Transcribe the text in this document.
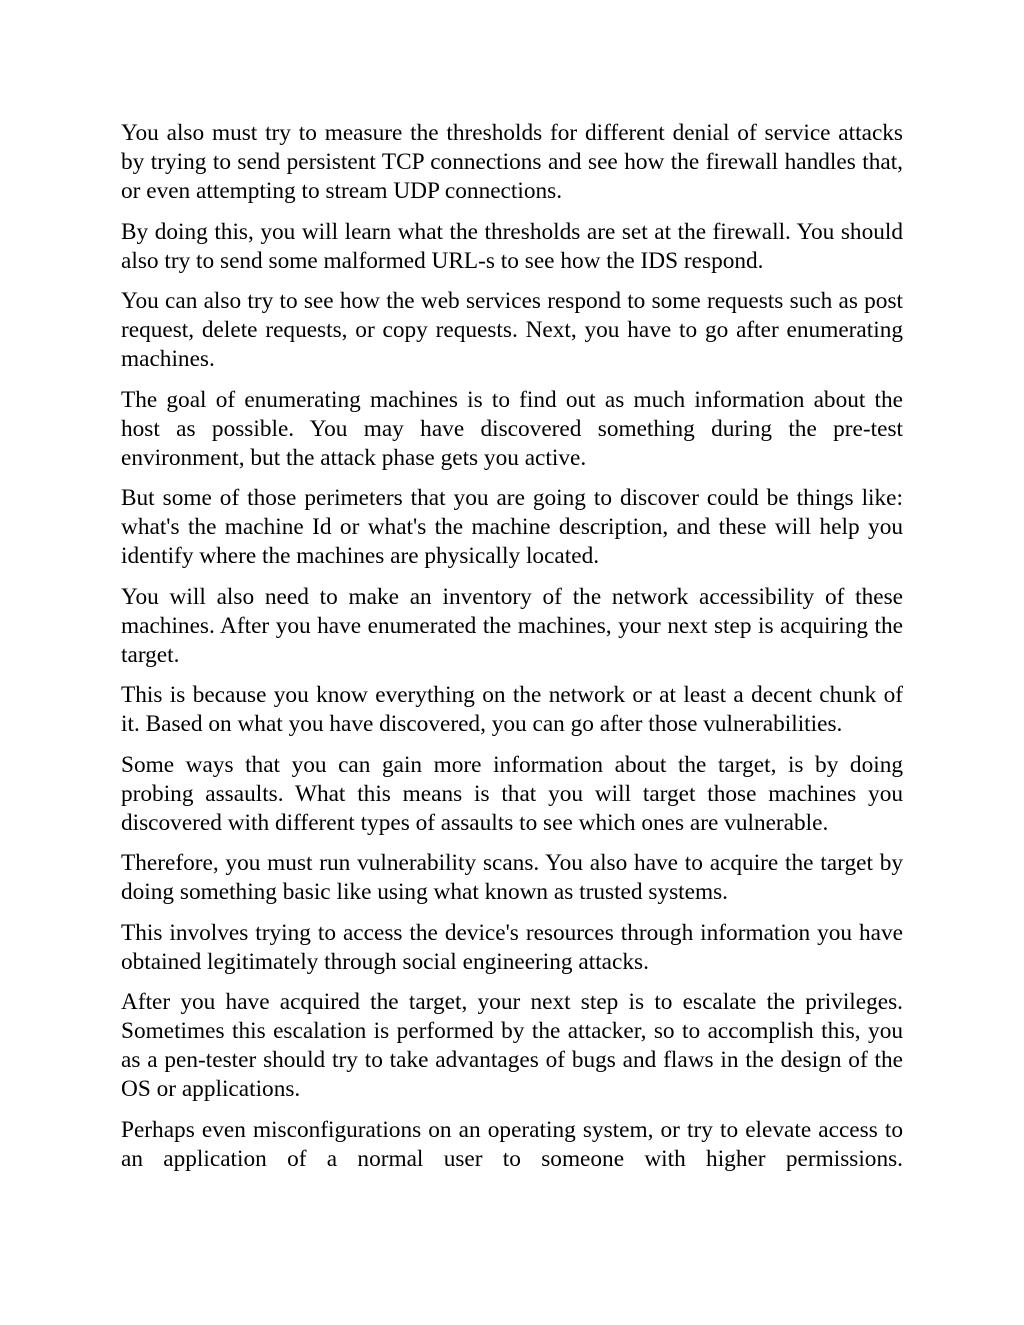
You also must try to measure the thresholds for different denial of service attacks by trying to send persistent TCP connections and see how the firewall handles that, or even attempting to stream UDP connections.

By doing this, you will learn what the thresholds are set at the firewall. You should also try to send some malformed URL-s to see how the IDS respond.

You can also try to see how the web services respond to some requests such as post request, delete requests, or copy requests. Next, you have to go after enumerating machines.

The goal of enumerating machines is to find out as much information about the host as possible. You may have discovered something during the pre-test environment, but the attack phase gets you active.

But some of those perimeters that you are going to discover could be things like: what's the machine Id or what's the machine description, and these will help you identify where the machines are physically located.

You will also need to make an inventory of the network accessibility of these machines. After you have enumerated the machines, your next step is acquiring the target.

This is because you know everything on the network or at least a decent chunk of it. Based on what you have discovered, you can go after those vulnerabilities.

Some ways that you can gain more information about the target, is by doing probing assaults. What this means is that you will target those machines you discovered with different types of assaults to see which ones are vulnerable.

Therefore, you must run vulnerability scans. You also have to acquire the target by doing something basic like using what known as trusted systems.

This involves trying to access the device's resources through information you have obtained legitimately through social engineering attacks.

After you have acquired the target, your next step is to escalate the privileges. Sometimes this escalation is performed by the attacker, so to accomplish this, you as a pen-tester should try to take advantages of bugs and flaws in the design of the OS or applications.

Perhaps even misconfigurations on an operating system, or try to elevate access to an application of a normal user to someone with higher permissions.
